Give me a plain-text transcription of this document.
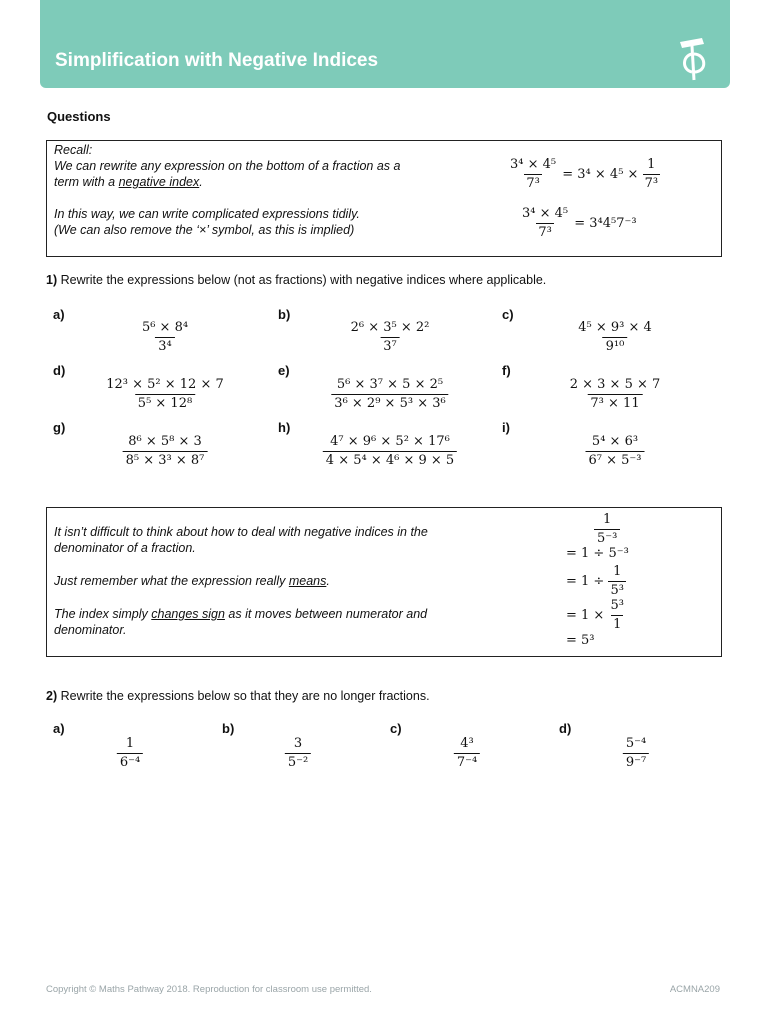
Simplification with Negative Indices
Questions
Recall:
We can rewrite any expression on the bottom of a fraction as a
term with a negative index.
In this way, we can write complicated expressions tidily.
(We can also remove the ‘×’ symbol, as this is implied)
$\frac{\text{3⁴ × 4⁵}}{\text{7³}} = 3^4 \times 4^5 \times \frac{1}{\text{7³}}$
$\frac{\text{3⁴ × 4⁵}}{\text{7³}} = 3^44^57^{-3}$
1) Rewrite the expressions below (not as fractions) with negative indices where applicable.
a)
$\frac{\text{5⁶ × 8⁴}}{\text{3⁴}}$
b)
$\frac{\text{2⁶ × 3⁵ × 2²}}{\text{3⁷}}$
c)
$\frac{\text{4⁵ × 9³ × 4}}{\text{9¹⁰}}$
d)
$\frac{\text{12³ × 5² × 12 × 7}}{\text{5⁵ × 12⁸}}$
e)
$\frac{\text{5⁶ × 3⁷ × 5 × 2⁵}}{\text{3⁶ × 2⁹ × 5³ × 3⁶}}$
f)
$\frac{2 \times 3 \times 5 \times 7}{\text{7³ × 11}}$
g)
$\frac{\text{8⁶ × 5⁸ × 3}}{\text{8⁵ × 3³ × 8⁷}}$
h)
$\frac{\text{4⁷ × 9⁶ × 5² × 17⁶}}{\text{4 × 5⁴ × 4⁶ × 9 × 5}}$
i)
$\frac{\text{5⁴ × 6³}}{\text{6⁷ × 5⁻³}}$
It isn’t difficult to think about how to deal with negative indices in the
denominator of a fraction.
Just remember what the expression really means.
The index simply changes sign as it moves between numerator and
denominator.
$\frac{1}{\text{5⁻³}}$
= 1 ÷ 5⁻³
= $1 \div \frac{1}{\text{5³}}$
= $1 \times \frac{\text{5³}}{1}$
= 5³
2) Rewrite the expressions below so that they are no longer fractions.
a)
$\frac{1}{\text{6⁻⁴}}$
b)
$\frac{3}{\text{5⁻²}}$
c)
$\frac{\text{4³}}{\text{7⁻⁴}}$
d)
$\frac{\text{5⁻⁴}}{\text{9⁻⁷}}$
Copyright © Maths Pathway 2018. Reproduction for classroom use permitted.	ACMNA209
